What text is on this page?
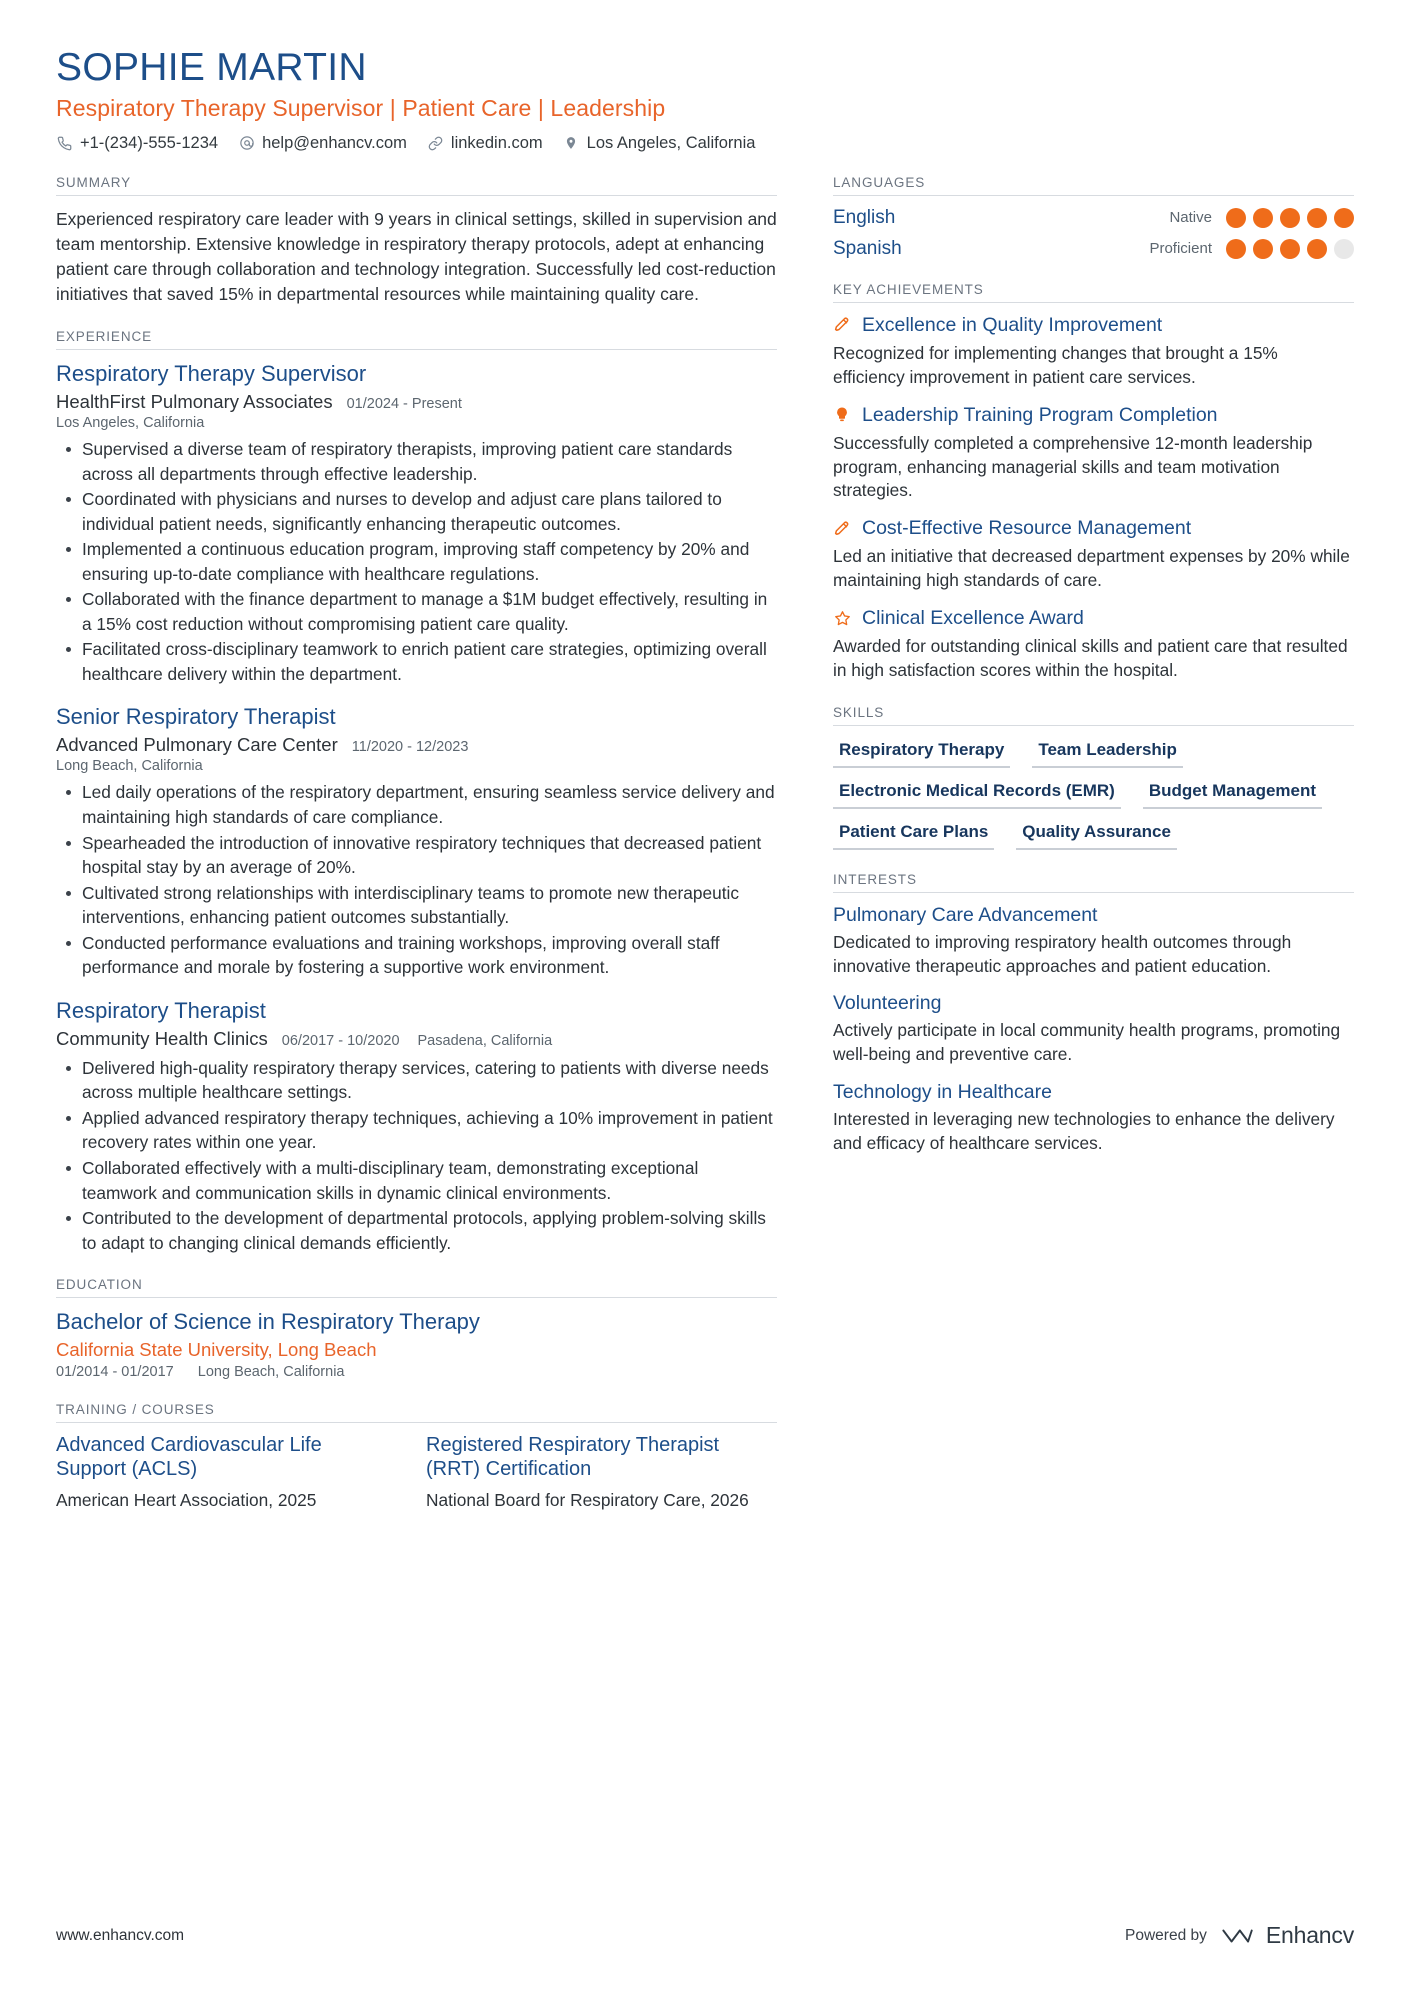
SOPHIE MARTIN
Respiratory Therapy Supervisor | Patient Care | Leadership
+1-(234)-555-1234	help@enhancv.com	linkedin.com	Los Angeles, California
SUMMARY
Experienced respiratory care leader with 9 years in clinical settings, skilled in supervision and team mentorship. Extensive knowledge in respiratory therapy protocols, adept at enhancing patient care through collaboration and technology integration. Successfully led cost-reduction initiatives that saved 15% in departmental resources while maintaining quality care.
EXPERIENCE
Respiratory Therapy Supervisor
HealthFirst Pulmonary Associates 01/2024 - Present
Los Angeles, California
Supervised a diverse team of respiratory therapists, improving patient care standards across all departments through effective leadership.
Coordinated with physicians and nurses to develop and adjust care plans tailored to individual patient needs, significantly enhancing therapeutic outcomes.
Implemented a continuous education program, improving staff competency by 20% and ensuring up-to-date compliance with healthcare regulations.
Collaborated with the finance department to manage a $1M budget effectively, resulting in a 15% cost reduction without compromising patient care quality.
Facilitated cross-disciplinary teamwork to enrich patient care strategies, optimizing overall healthcare delivery within the department.
Senior Respiratory Therapist
Advanced Pulmonary Care Center 11/2020 - 12/2023
Long Beach, California
Led daily operations of the respiratory department, ensuring seamless service delivery and maintaining high standards of care compliance.
Spearheaded the introduction of innovative respiratory techniques that decreased patient hospital stay by an average of 20%.
Cultivated strong relationships with interdisciplinary teams to promote new therapeutic interventions, enhancing patient outcomes substantially.
Conducted performance evaluations and training workshops, improving overall staff performance and morale by fostering a supportive work environment.
Respiratory Therapist
Community Health Clinics 06/2017 - 10/2020 Pasadena, California
Delivered high-quality respiratory therapy services, catering to patients with diverse needs across multiple healthcare settings.
Applied advanced respiratory therapy techniques, achieving a 10% improvement in patient recovery rates within one year.
Collaborated effectively with a multi-disciplinary team, demonstrating exceptional teamwork and communication skills in dynamic clinical environments.
Contributed to the development of departmental protocols, applying problem-solving skills to adapt to changing clinical demands efficiently.
EDUCATION
Bachelor of Science in Respiratory Therapy
California State University, Long Beach
01/2014 - 01/2017 Long Beach, California
TRAINING / COURSES
Advanced Cardiovascular Life Support (ACLS)
American Heart Association, 2025
Registered Respiratory Therapist (RRT) Certification
National Board for Respiratory Care, 2026
LANGUAGES
English	Native
Spanish	Proficient
KEY ACHIEVEMENTS
Excellence in Quality Improvement
Recognized for implementing changes that brought a 15% efficiency improvement in patient care services.
Leadership Training Program Completion
Successfully completed a comprehensive 12-month leadership program, enhancing managerial skills and team motivation strategies.
Cost-Effective Resource Management
Led an initiative that decreased department expenses by 20% while maintaining high standards of care.
Clinical Excellence Award
Awarded for outstanding clinical skills and patient care that resulted in high satisfaction scores within the hospital.
SKILLS
Respiratory Therapy	Team Leadership
Electronic Medical Records (EMR)	Budget Management
Patient Care Plans	Quality Assurance
INTERESTS
Pulmonary Care Advancement
Dedicated to improving respiratory health outcomes through innovative therapeutic approaches and patient education.
Volunteering
Actively participate in local community health programs, promoting well-being and preventive care.
Technology in Healthcare
Interested in leveraging new technologies to enhance the delivery and efficacy of healthcare services.
www.enhancv.com	Powered by	Enhancv
